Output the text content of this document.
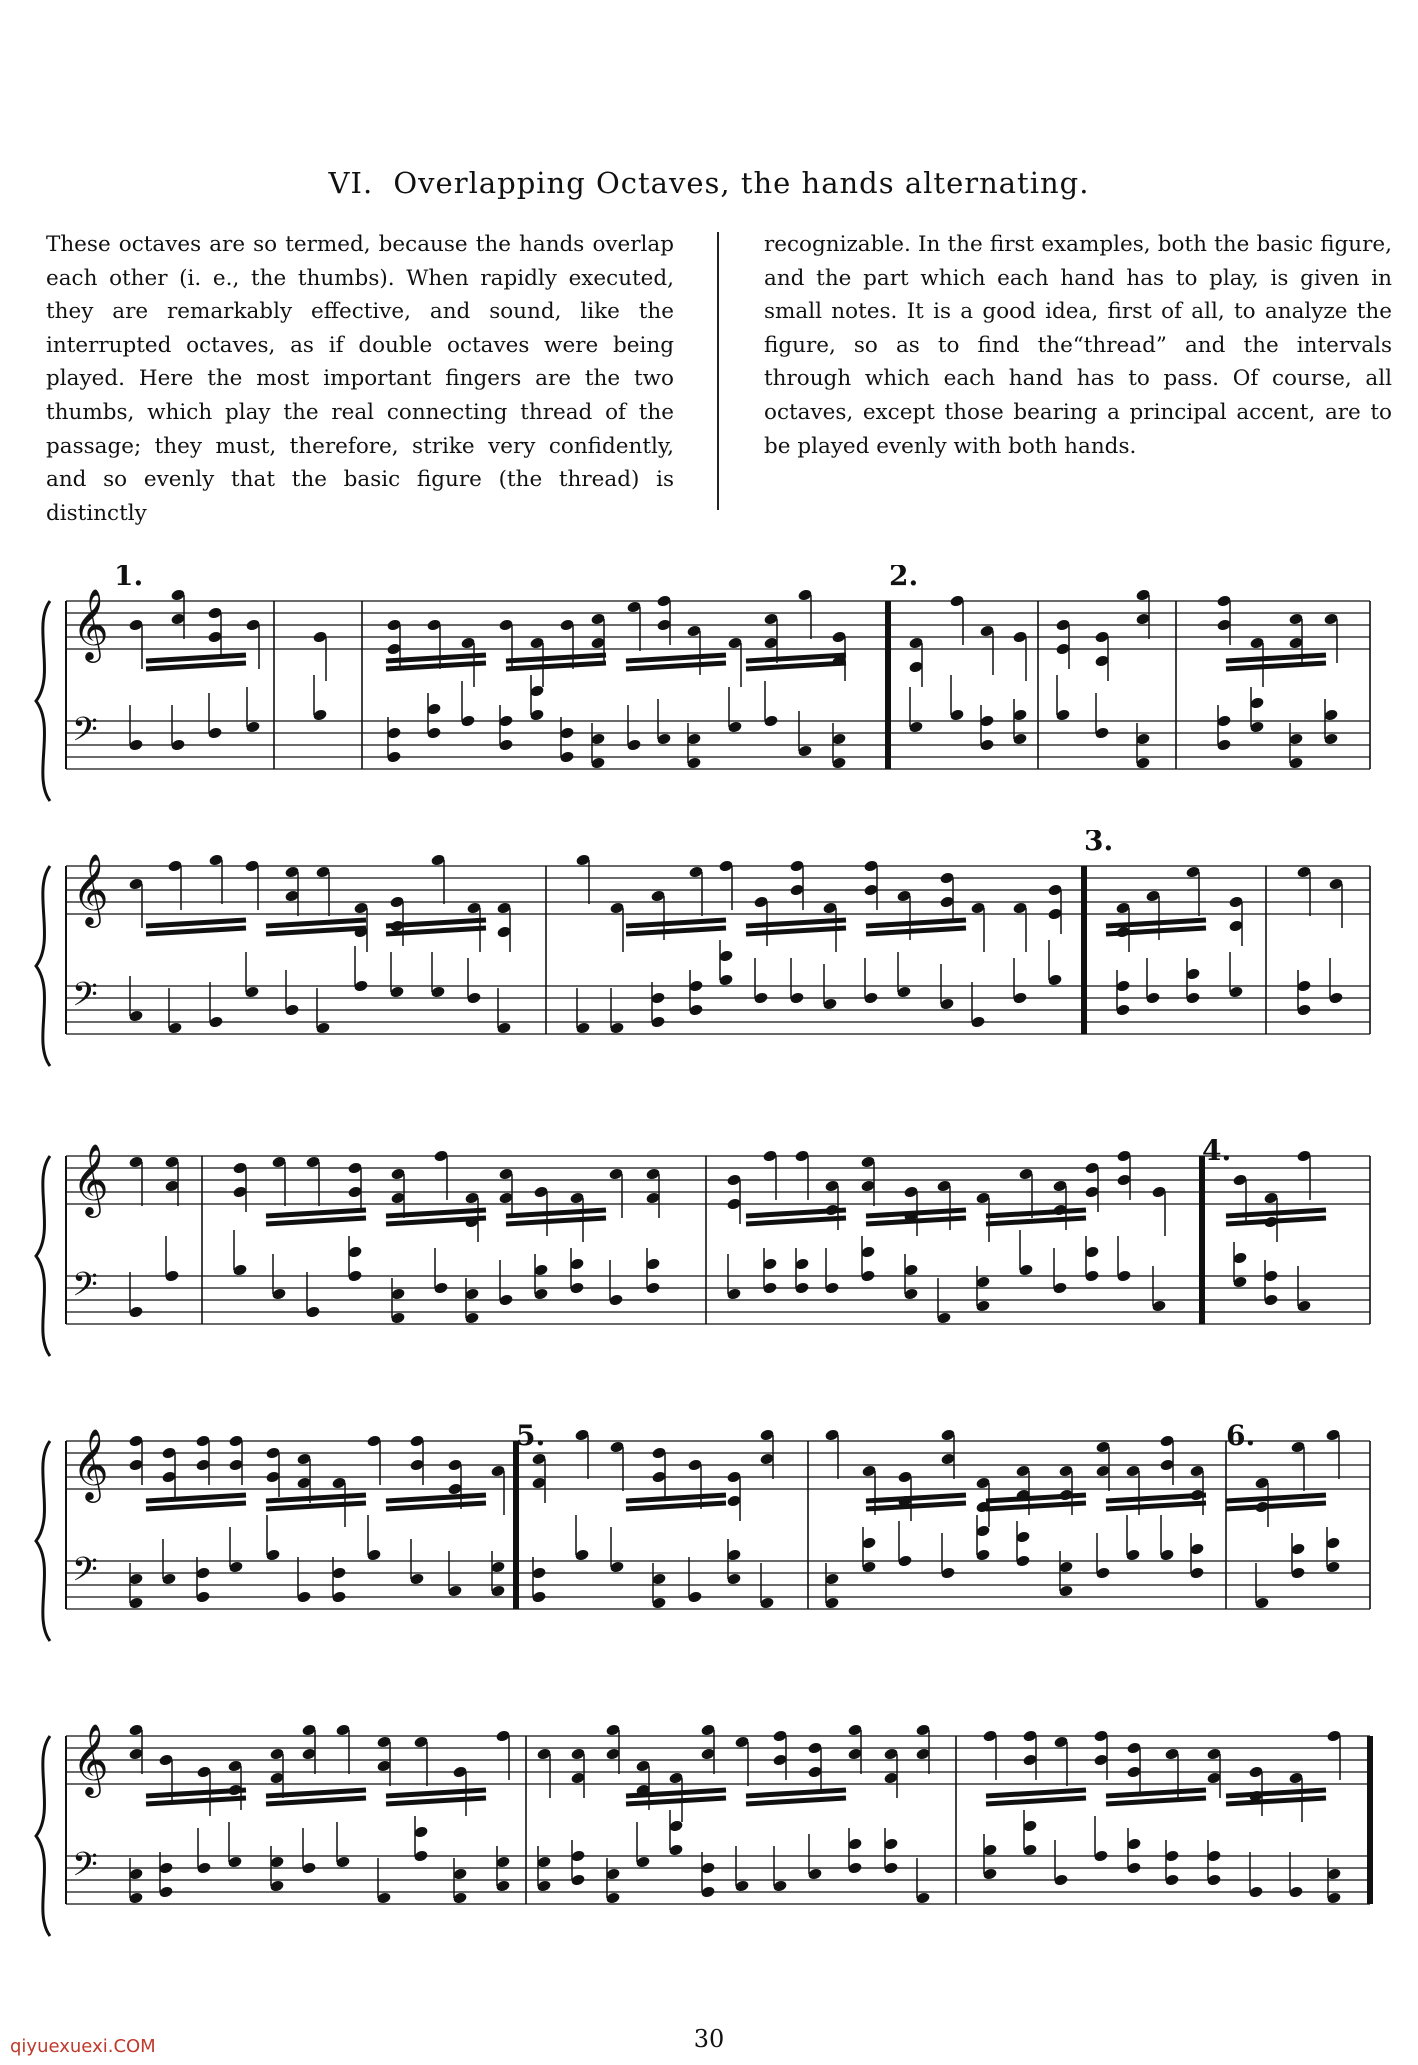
VI. Overlapping Octaves, the hands alternating.
These octaves are so termed, because the hands overlap each other (i. e., the thumbs). When rapidly executed, they are remarkably effective, and sound, like the interrupted octaves, as if double octaves were being played. Here the most important fingers are the two thumbs, which play the real connecting thread of the passage; they must, therefore, strike very confidently, and so evenly that the basic figure (the thread) is distinctly
recognizable. In the first examples, both the basic figure, and the part which each hand has to play, is given in small notes. It is a good idea, first of all, to analyze the figure, so as to find the“thread” and the intervals through which each hand has to pass. Of course, all octaves, except those bearing a principal accent, are to be played evenly with both hands.
𝄞
𝄢
1.	2.
𝄞
𝄢
3.
𝄞
𝄢
4.
𝄞
𝄢
5.	6.
𝄞
𝄢
30
qiyuexuexi.COM
